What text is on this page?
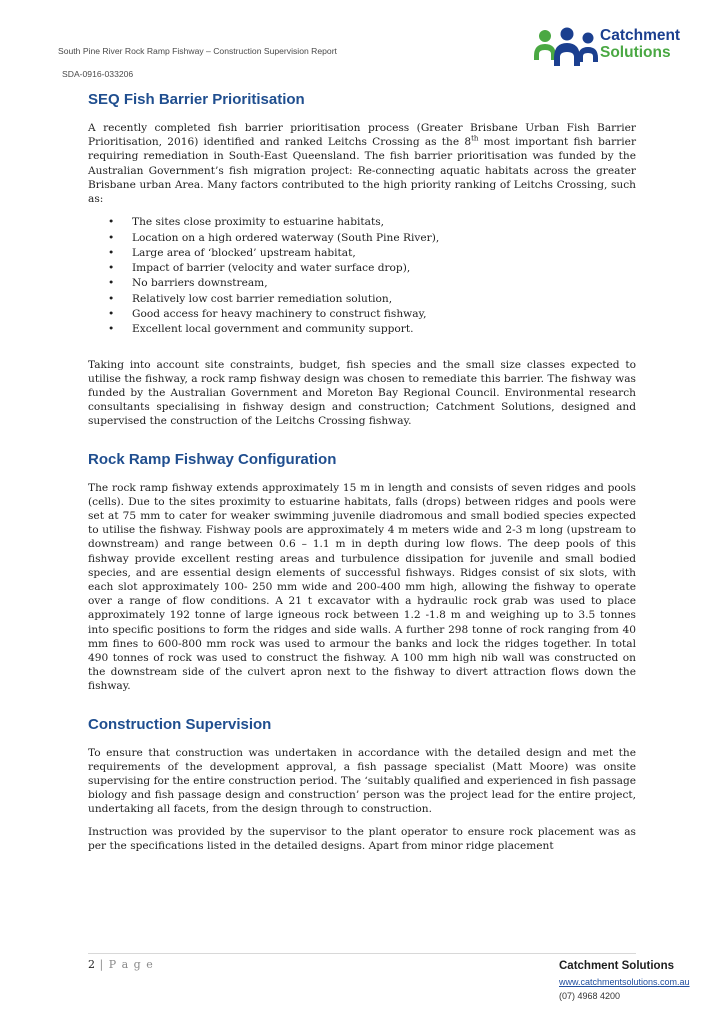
South Pine River Rock Ramp Fishway – Construction Supervision Report
SDA-0916-033206
Catchment
Solutions
SEQ Fish Barrier Prioritisation

A recently completed fish barrier prioritisation process (Greater Brisbane Urban Fish Barrier Prioritisation, 2016) identified and ranked Leitchs Crossing as the 8th most important fish barrier requiring remediation in South-East Queensland. The fish barrier prioritisation was funded by the Australian Government’s fish migration project: Re-connecting aquatic habitats across the greater Brisbane urban Area. Many factors contributed to the high priority ranking of Leitchs Crossing, such as:

• The sites close proximity to estuarine habitats,
• Location on a high ordered waterway (South Pine River),
• Large area of ‘blocked’ upstream habitat,
• Impact of barrier (velocity and water surface drop),
• No barriers downstream,
• Relatively low cost barrier remediation solution,
• Good access for heavy machinery to construct fishway,
• Excellent local government and community support.

Taking into account site constraints, budget, fish species and the small size classes expected to utilise the fishway, a rock ramp fishway design was chosen to remediate this barrier. The fishway was funded by the Australian Government and Moreton Bay Regional Council. Environmental research consultants specialising in fishway design and construction; Catchment Solutions, designed and supervised the construction of the Leitchs Crossing fishway.

Rock Ramp Fishway Configuration

The rock ramp fishway extends approximately 15 m in length and consists of seven ridges and pools (cells). Due to the sites proximity to estuarine habitats, falls (drops) between ridges and pools were set at 75 mm to cater for weaker swimming juvenile diadromous and small bodied species expected to utilise the fishway. Fishway pools are approximately 4 m meters wide and 2-3 m long (upstream to downstream) and range between 0.6 – 1.1 m in depth during low flows. The deep pools of this fishway provide excellent resting areas and turbulence dissipation for juvenile and small bodied species, and are essential design elements of successful fishways. Ridges consist of six slots, with each slot approximately 100- 250 mm wide and 200-400 mm high, allowing the fishway to operate over a range of flow conditions. A 21 t excavator with a hydraulic rock grab was used to place approximately 192 tonne of large igneous rock between 1.2 -1.8 m and weighing up to 3.5 tonnes into specific positions to form the ridges and side walls. A further 298 tonne of rock ranging from 40 mm fines to 600-800 mm rock was used to armour the banks and lock the ridges together. In total 490 tonnes of rock was used to construct the fishway. A 100 mm high nib wall was constructed on the downstream side of the culvert apron next to the fishway to divert attraction flows down the fishway.

Construction Supervision

To ensure that construction was undertaken in accordance with the detailed design and met the requirements of the development approval, a fish passage specialist (Matt Moore) was onsite supervising for the entire construction period. The ‘suitably qualified and experienced in fish passage biology and fish passage design and construction’ person was the project lead for the entire project, undertaking all facets, from the design through to construction.

Instruction was provided by the supervisor to the plant operator to ensure rock placement was as per the specifications listed in the detailed designs. Apart from minor ridge placement

2 | P a g e	Catchment Solutions
www.catchmentsolutions.com.au
(07) 4968 4200
